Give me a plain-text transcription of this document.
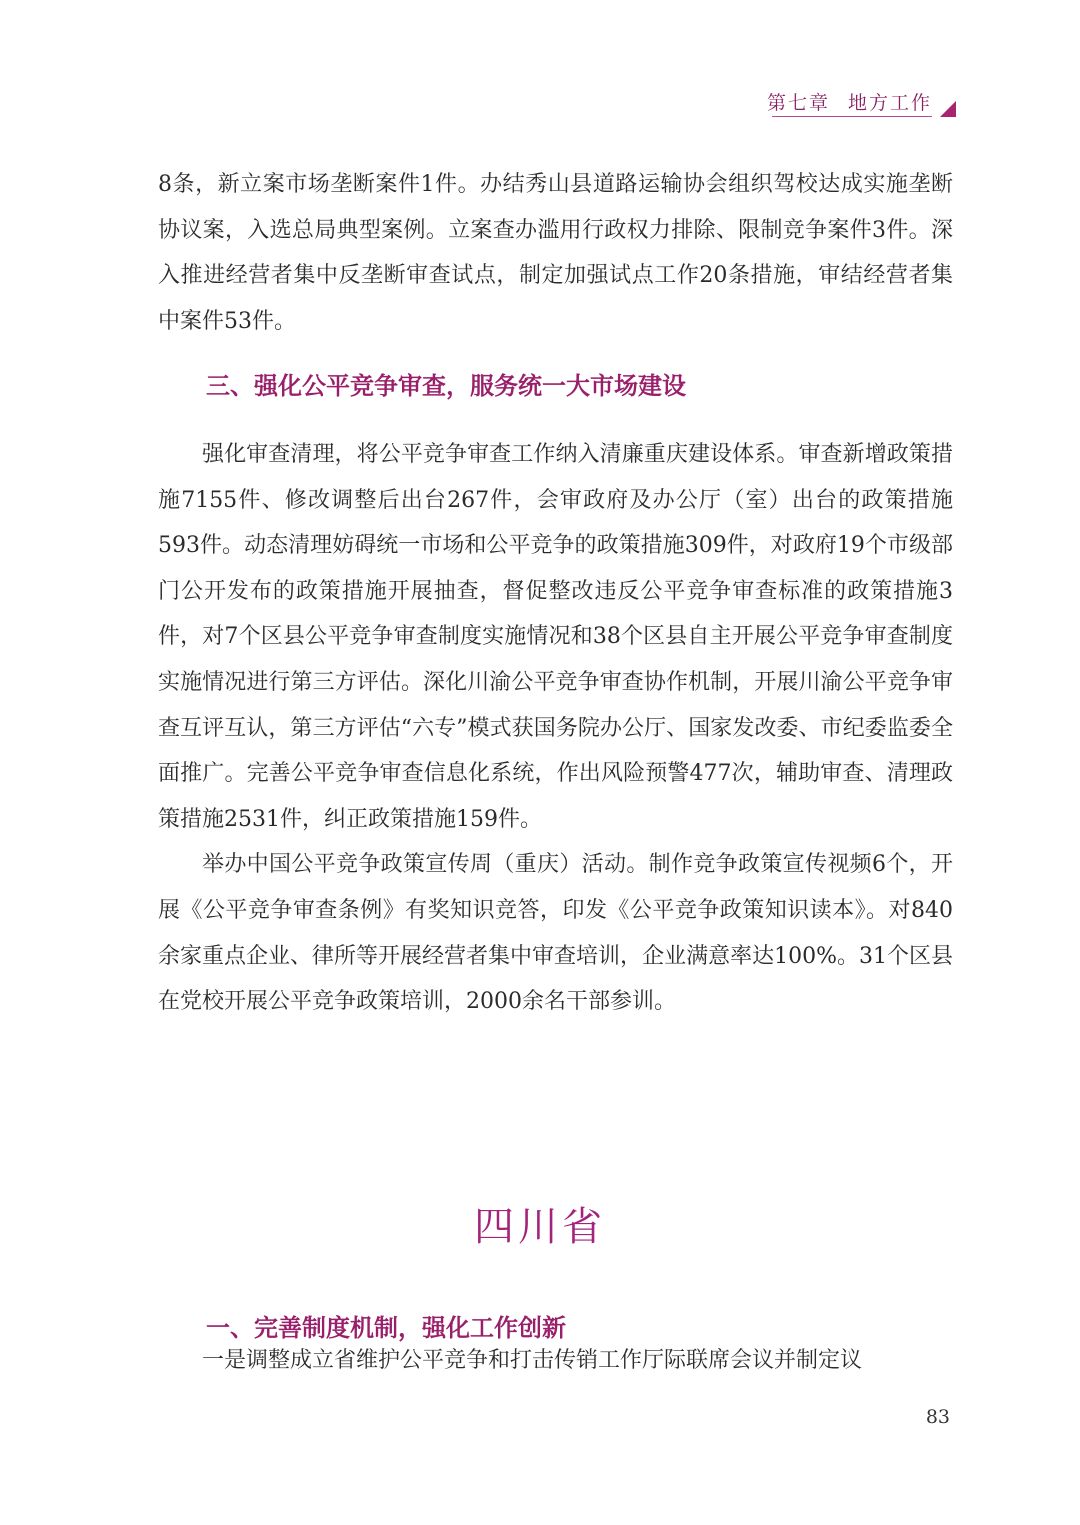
第七章 地方工作

8条，新立案市场垄断案件1件。办结秀山县道路运输协会组织驾校达成实施垄断协议案，入选总局典型案例。立案查办滥用行政权力排除、限制竞争案件3件。深入推进经营者集中反垄断审查试点，制定加强试点工作20条措施，审结经营者集中案件53件。

三、强化公平竞争审查，服务统一大市场建设

强化审查清理，将公平竞争审查工作纳入清廉重庆建设体系。审查新增政策措施7155件、修改调整后出台267件，会审政府及办公厅（室）出台的政策措施593件。动态清理妨碍统一市场和公平竞争的政策措施309件，对政府19个市级部门公开发布的政策措施开展抽查，督促整改违反公平竞争审查标准的政策措施3件，对7个区县公平竞争审查制度实施情况和38个区县自主开展公平竞争审查制度实施情况进行第三方评估。深化川渝公平竞争审查协作机制，开展川渝公平竞争审查互评互认，第三方评估“六专”模式获国务院办公厅、国家发改委、市纪委监委全面推广。完善公平竞争审查信息化系统，作出风险预警477次，辅助审查、清理政策措施2531件，纠正政策措施159件。

举办中国公平竞争政策宣传周（重庆）活动。制作竞争政策宣传视频6个，开展《公平竞争审查条例》有奖知识竞答，印发《公平竞争政策知识读本》。对840余家重点企业、律所等开展经营者集中审查培训，企业满意率达100%。31个区县在党校开展公平竞争政策培训，2000余名干部参训。

四川省
一、完善制度机制，强化工作创新

一是调整成立省维护公平竞争和打击传销工作厅际联席会议并制定议

83
